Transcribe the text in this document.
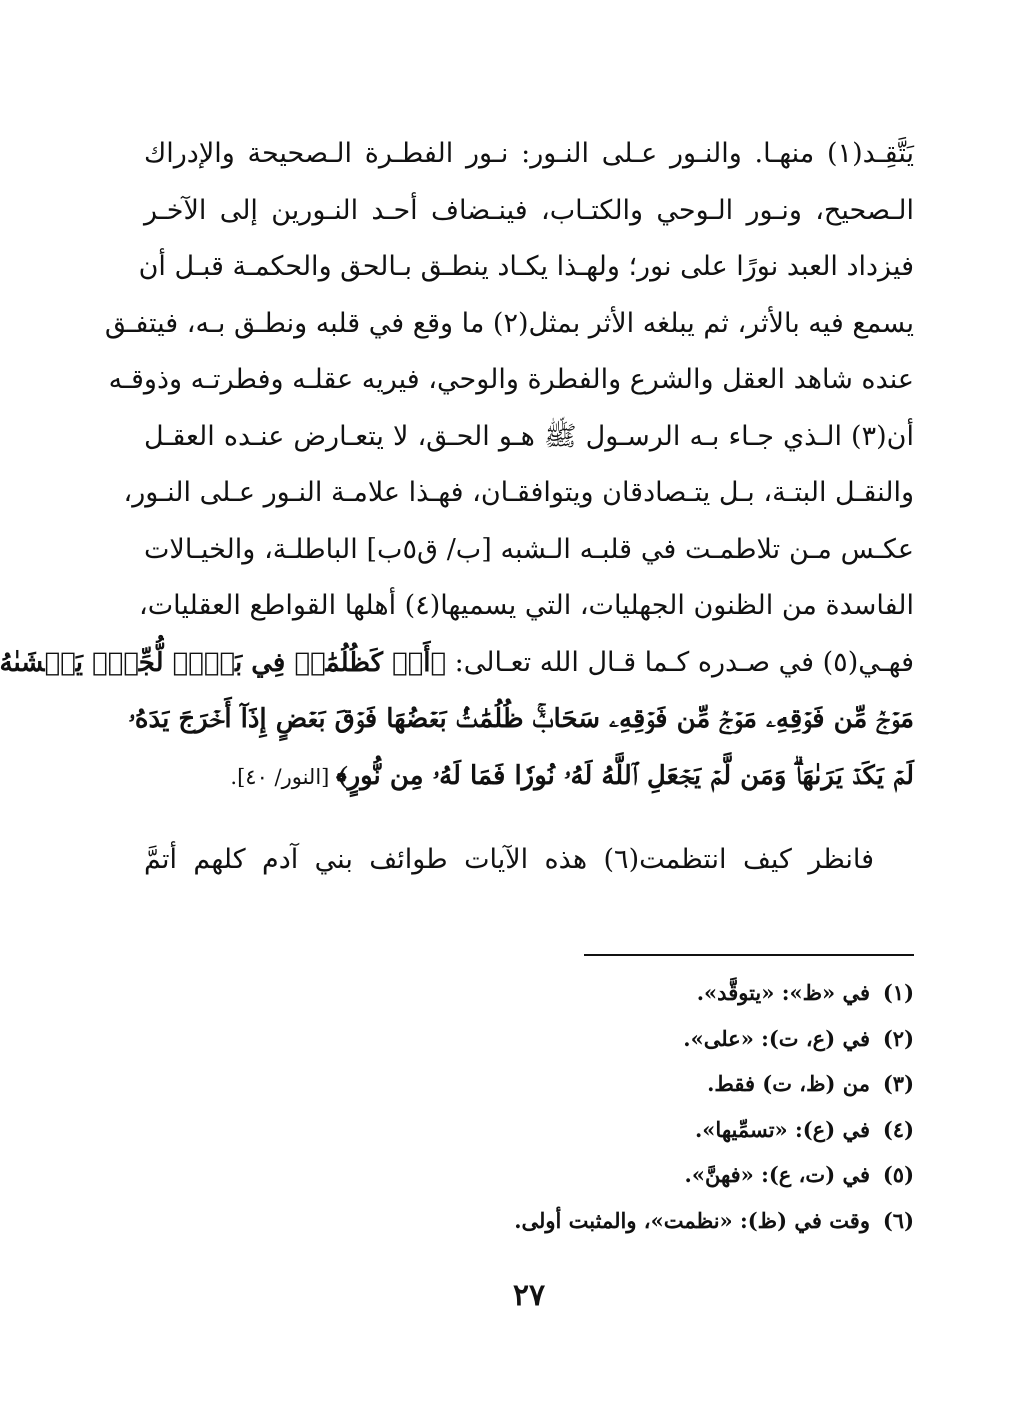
يَتَّقِـد(١) منهـا. والنـور عـلى النـور: نـور الفطـرة الـصحيحة والإدراك
الـصحيح، ونـور الـوحي والكتـاب، فينـضاف أحـد النـورين إلى الآخـر
فيزداد العبد نورًا على نور؛ ولهـذا يكـاد ينطـق بـالحق والحكمـة قبـل أن
يسمع فيه بالأثر، ثم يبلغه الأثر بمثل(٢) ما وقع في قلبه ونطـق بـه، فيتفـق
عنده شاهد العقل والشرع والفطرة والوحي، فيريه عقلـه وفطرتـه وذوقـه
أن(٣) الـذي جـاء بـه الرسـول ﷺ هـو الحـق، لا يتعـارض عنـده العقـل
والنقـل البتـة، بـل يتـصادقان ويتوافقـان، فهـذا علامـة النـور عـلى النـور،
عكـس مـن تلاطمـت في قلبـه الـشبه [ب/ ق٥ب] الباطلـة، والخيـالات
الفاسدة من الظنون الجهليات، التي يسميها(٤) أهلها القواطع العقليات،
فهـي(٥) في صـدره كـما قـال الله تعـالى: ﴿أَوۡ كَظُلُمَٰتٖ فِي بَحۡرٖ لُّجِّيّٖ يَغۡشَىٰهُ
مَوۡجٞ مِّن فَوۡقِهِۦ مَوۡجٞ مِّن فَوۡقِهِۦ سَحَابٞۚ ظُلُمَٰتُۢ بَعۡضُهَا فَوۡقَ بَعۡضٍ إِذَآ أَخۡرَجَ يَدَهُۥ
لَمۡ يَكَدۡ يَرَىٰهَاۗ وَمَن لَّمۡ يَجۡعَلِ ٱللَّهُ لَهُۥ نُورٗا فَمَا لَهُۥ مِن نُّورٍ﴾ [النور/ ٤٠].
فانظر كيف انتظمت(٦) هذه الآيات طوائف بني آدم كلهم أتمَّ
(١)
في «ظ»: «يتوقَّد».
(٢)
في (ع، ت): «على».
(٣)
من (ظ، ت) فقط.
(٤)
في (ع): «تسمِّيها».
(٥)
في (ت، ع): «فهنَّ».
(٦)
وقت في (ظ): «نظمت»، والمثبت أولى.
٢٧
